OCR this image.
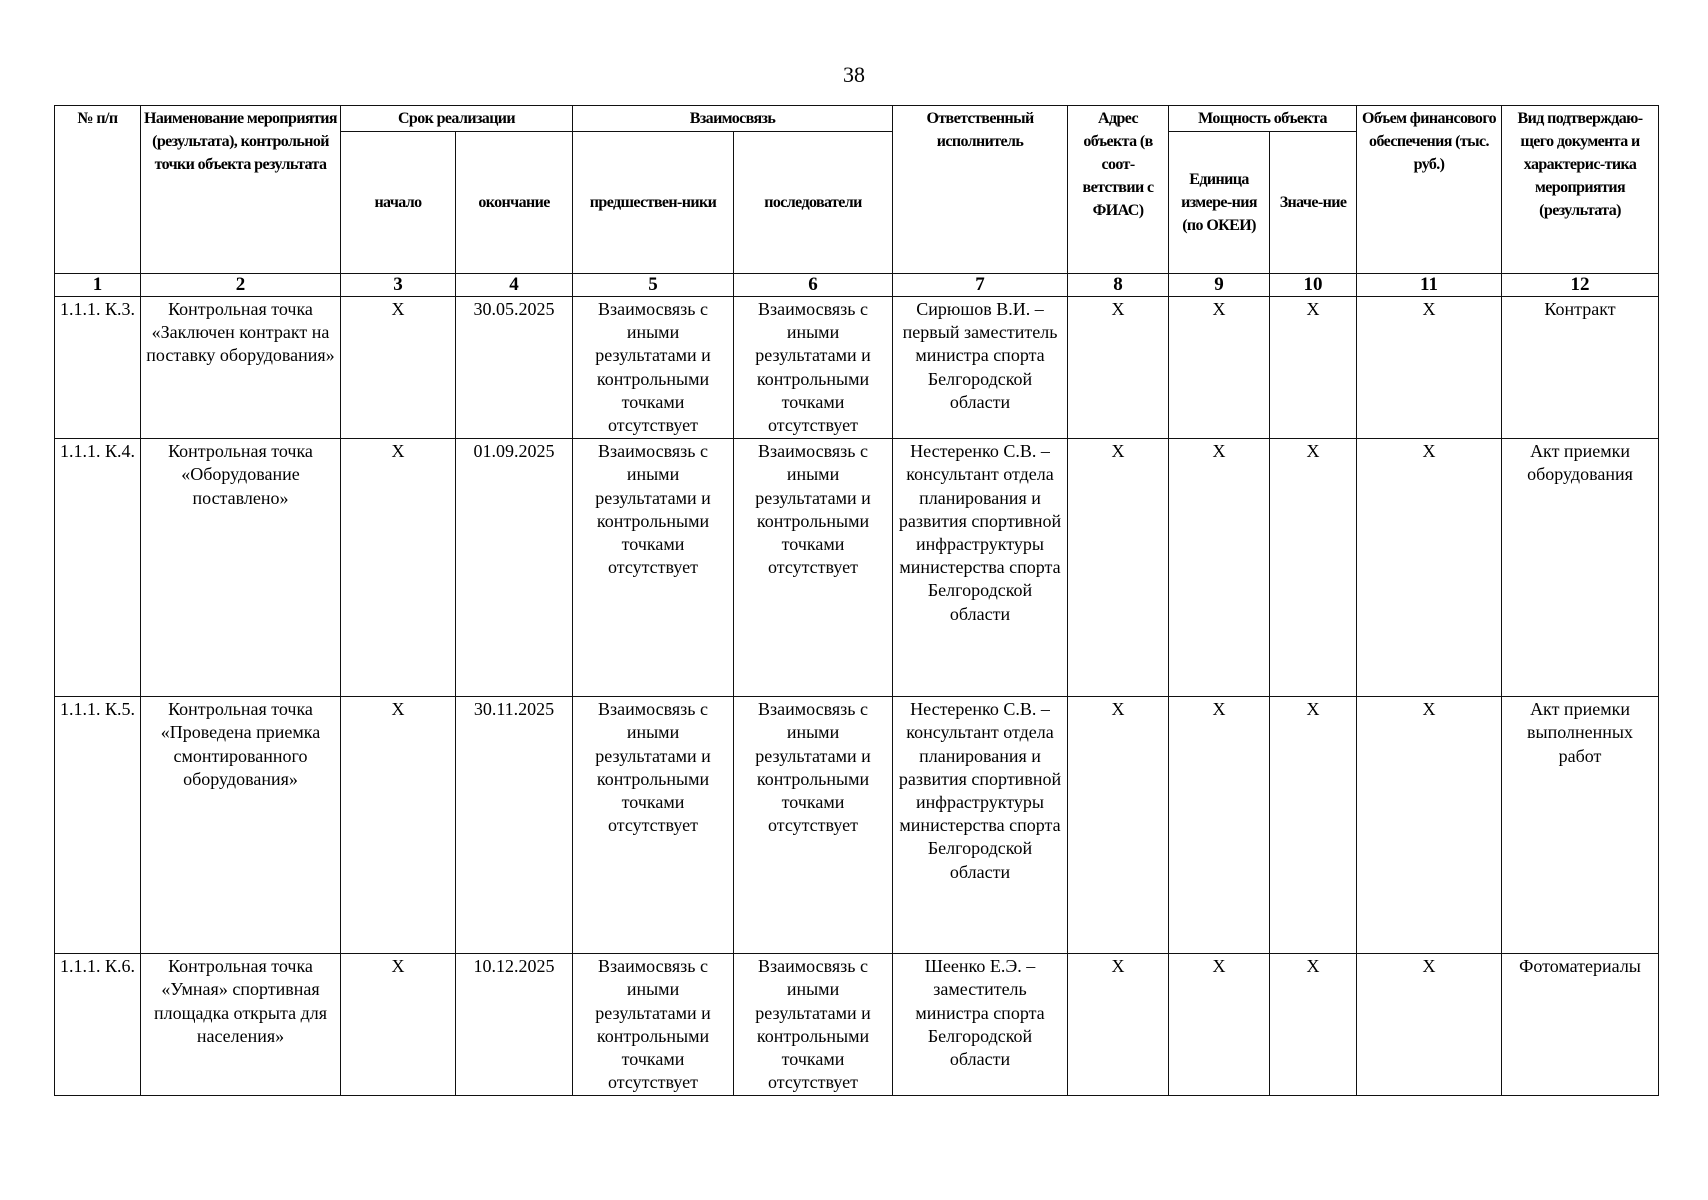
38
№ п/п	Наименование мероприятия (результата), контрольной точки объекта результата	Срок реализации		Взаимосвязь		Ответственный исполнитель	Адрес объекта (в соот-ветствии с ФИАС)	Мощность объекта		Объем финансового обеспечения (тыс. руб.)	Вид подтверждаю-щего документа и характерис-тика мероприятия (результата)
		начало	окончание	предшествен-ники	последователи			Единица измере-ния (по ОКЕИ)	Значе-ние		
1	2	3	4	5	6	7	8	9	10	11	12
1.1.1. К.3.	Контрольная точка «Заключен контракт на поставку оборудования»	X	30.05.2025	Взаимосвязь с иными результатами и контрольными точками отсутствует	Взаимосвязь с иными результатами и контрольными точками отсутствует	Сирюшов В.И. – первый заместитель министра спорта Белгородской области	X	X	X	X	Контракт
1.1.1. К.4.	Контрольная точка «Оборудование поставлено»	X	01.09.2025	Взаимосвязь с иными результатами и контрольными точками отсутствует	Взаимосвязь с иными результатами и контрольными точками отсутствует	Нестеренко С.В. – консультант отдела планирования и развития спортивной инфраструктуры министерства спорта Белгородской области	X	X	X	X	Акт приемки оборудования
1.1.1. К.5.	Контрольная точка «Проведена приемка смонтированного оборудования»	X	30.11.2025	Взаимосвязь с иными результатами и контрольными точками отсутствует	Взаимосвязь с иными результатами и контрольными точками отсутствует	Нестеренко С.В. – консультант отдела планирования и развития спортивной инфраструктуры министерства спорта Белгородской области	X	X	X	X	Акт приемки выполненных работ
1.1.1. К.6.	Контрольная точка «Умная» спортивная площадка открыта для населения»	X	10.12.2025	Взаимосвязь с иными результатами и контрольными точками отсутствует	Взаимосвязь с иными результатами и контрольными точками отсутствует	Шеенко Е.Э. – заместитель министра спорта Белгородской области	X	X	X	X	Фотоматериалы
